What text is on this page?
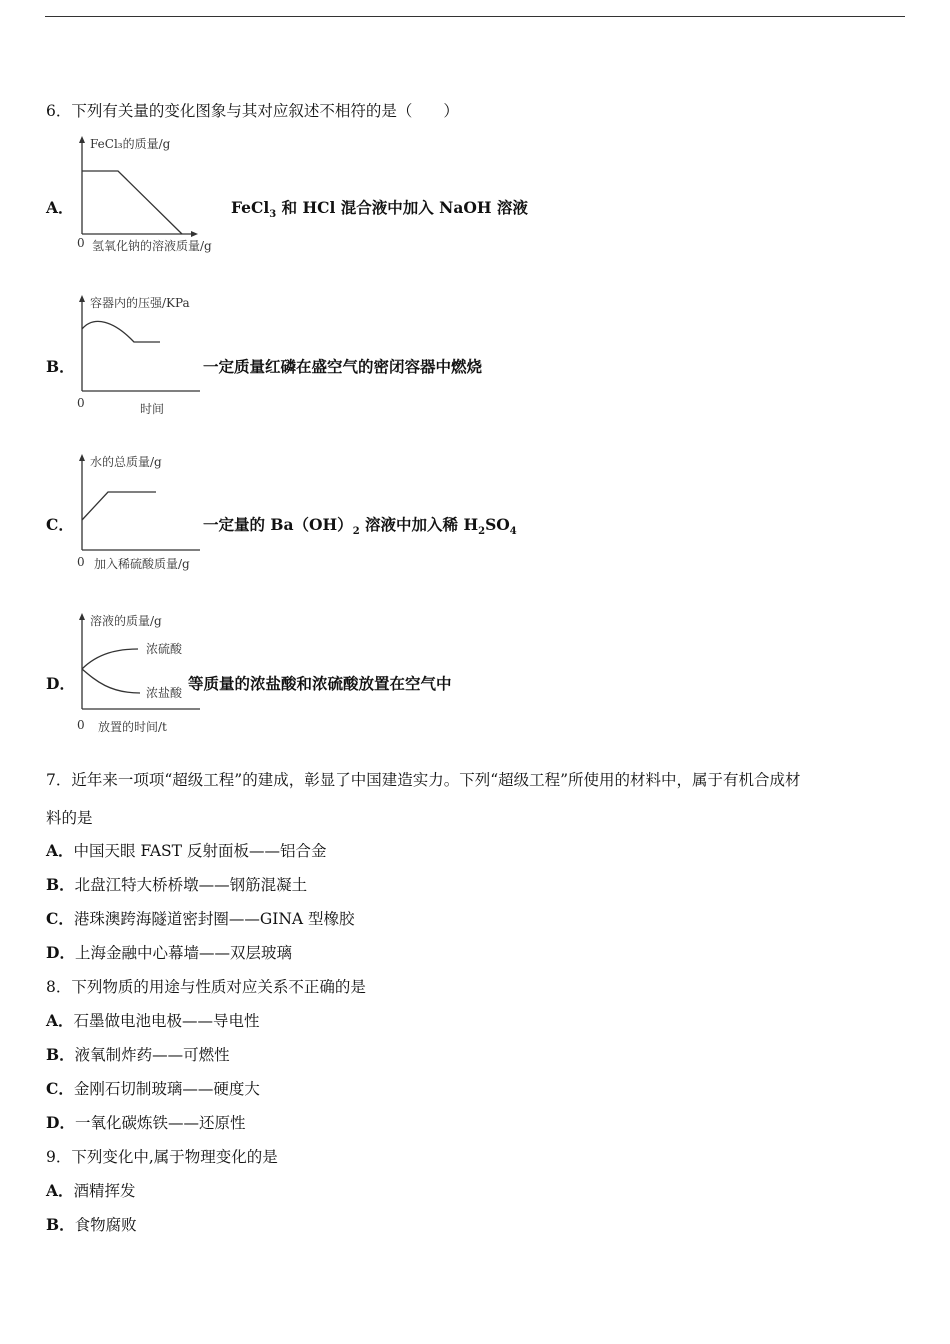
6．下列有关量的变化图象与其对应叙述不相符的是（　　）
FeCl₃的质量/g
0 氢氧化钠的溶液质量/g
A．	FeCl$_3$ 和 HCl 混合液中加入 NaOH 溶液
容器内的压强/KPa
0	时间
B．	一定质量红磷在盛空气的密闭容器中燃烧
水的总质量/g
0 加入稀硫酸质量/g
C．	一定量的 $Ba(OH)_2$ 溶液中加入稀 $H_2SO_4$
溶液的质量/g
浓硫酸
浓盐酸
0 放置的时间/t
D．	等质量的浓盐酸和浓硫酸放置在空气中
7．近年来一项项“超级工程”的建成，彰显了中国建造实力。下列“超级工程”所使用的材料中，属于有机合成材
料的是
A．中国天眼 FAST 反射面板——铝合金
B．北盘江特大桥桥墩——钢筋混凝土
C．港珠澳跨海隧道密封圈——GINA 型橡胶
D．上海金融中心幕墙——双层玻璃
8．下列物质的用途与性质对应关系不正确的是
A．石墨做电池电极——导电性
B．液氧制炸药——可燃性
C．金刚石切制玻璃——硬度大
D．一氧化碳炼铁——还原性
9．下列变化中,属于物理变化的是
A．酒精挥发
B．食物腐败
